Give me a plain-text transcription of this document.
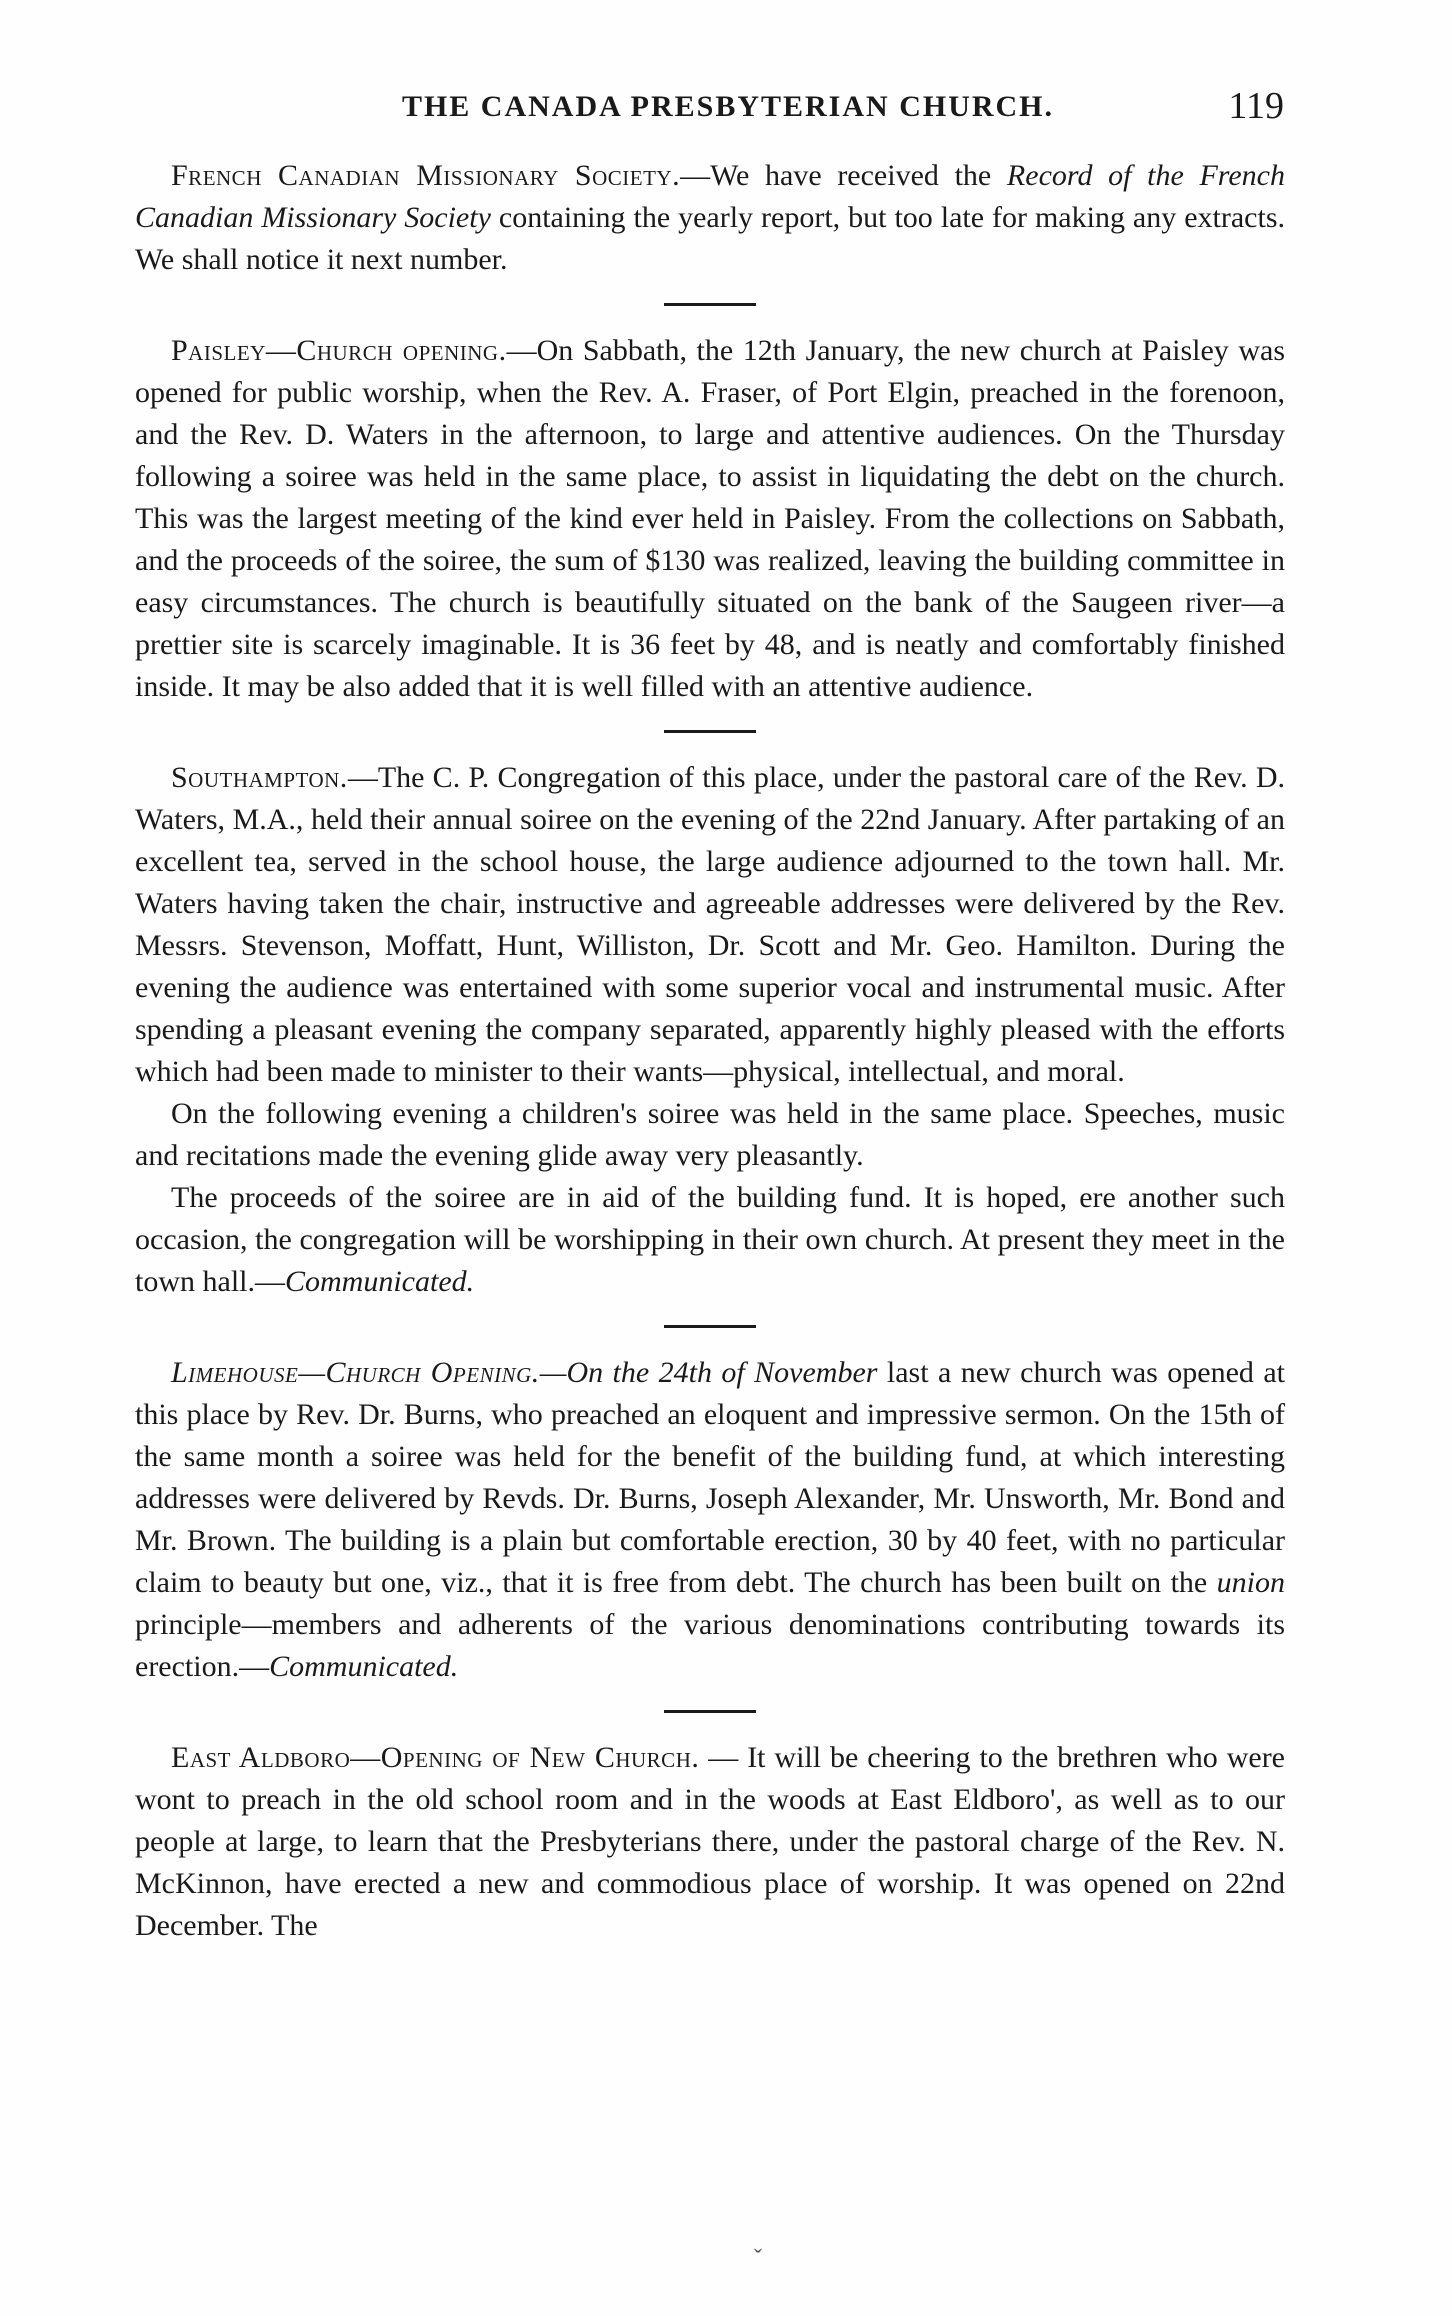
THE CANADA PRESBYTERIAN CHURCH.	119

French Canadian Missionary Society.—We have received the Record of the French Canadian Missionary Society containing the yearly report, but too late for making any extracts. We shall notice it next number.

Paisley—Church opening.—On Sabbath, the 12th January, the new church at Paisley was opened for public worship, when the Rev. A. Fraser, of Port Elgin, preached in the forenoon, and the Rev. D. Waters in the afternoon, to large and attentive audiences. On the Thursday following a soiree was held in the same place, to assist in liquidating the debt on the church. This was the largest meeting of the kind ever held in Paisley. From the collections on Sabbath, and the proceeds of the soiree, the sum of $130 was realized, leaving the building committee in easy circumstances. The church is beautifully situated on the bank of the Saugeen river—a prettier site is scarcely imaginable. It is 36 feet by 48, and is neatly and comfortably finished inside. It may be also added that it is well filled with an attentive audience.

Southampton.—The C. P. Congregation of this place, under the pastoral care of the Rev. D. Waters, M.A., held their annual soiree on the evening of the 22nd January. After partaking of an excellent tea, served in the school house, the large audience adjourned to the town hall. Mr. Waters having taken the chair, instructive and agreeable addresses were delivered by the Rev. Messrs. Stevenson, Moffatt, Hunt, Williston, Dr. Scott and Mr. Geo. Hamilton. During the evening the audience was entertained with some superior vocal and instrumental music. After spending a pleasant evening the company separated, apparently highly pleased with the efforts which had been made to minister to their wants—physical, intellectual, and moral.

On the following evening a children's soiree was held in the same place. Speeches, music and recitations made the evening glide away very pleasantly.

The proceeds of the soiree are in aid of the building fund. It is hoped, ere another such occasion, the congregation will be worshipping in their own church. At present they meet in the town hall.—Communicated.

Limehouse—Church Opening.—On the 24th of November last a new church was opened at this place by Rev. Dr. Burns, who preached an eloquent and impressive sermon. On the 15th of the same month a soiree was held for the benefit of the building fund, at which interesting addresses were delivered by Revds. Dr. Burns, Joseph Alexander, Mr. Unsworth, Mr. Bond and Mr. Brown. The building is a plain but comfortable erection, 30 by 40 feet, with no particular claim to beauty but one, viz., that it is free from debt. The church has been built on the union principle—members and adherents of the various denominations contributing towards its erection.—Communicated.

East Aldboro—Opening of New Church. — It will be cheering to the brethren who were wont to preach in the old school room and in the woods at East Eldboro', as well as to our people at large, to learn that the Presbyterians there, under the pastoral charge of the Rev. N. McKinnon, have erected a new and commodious place of worship. It was opened on 22nd December. The

ˇ
